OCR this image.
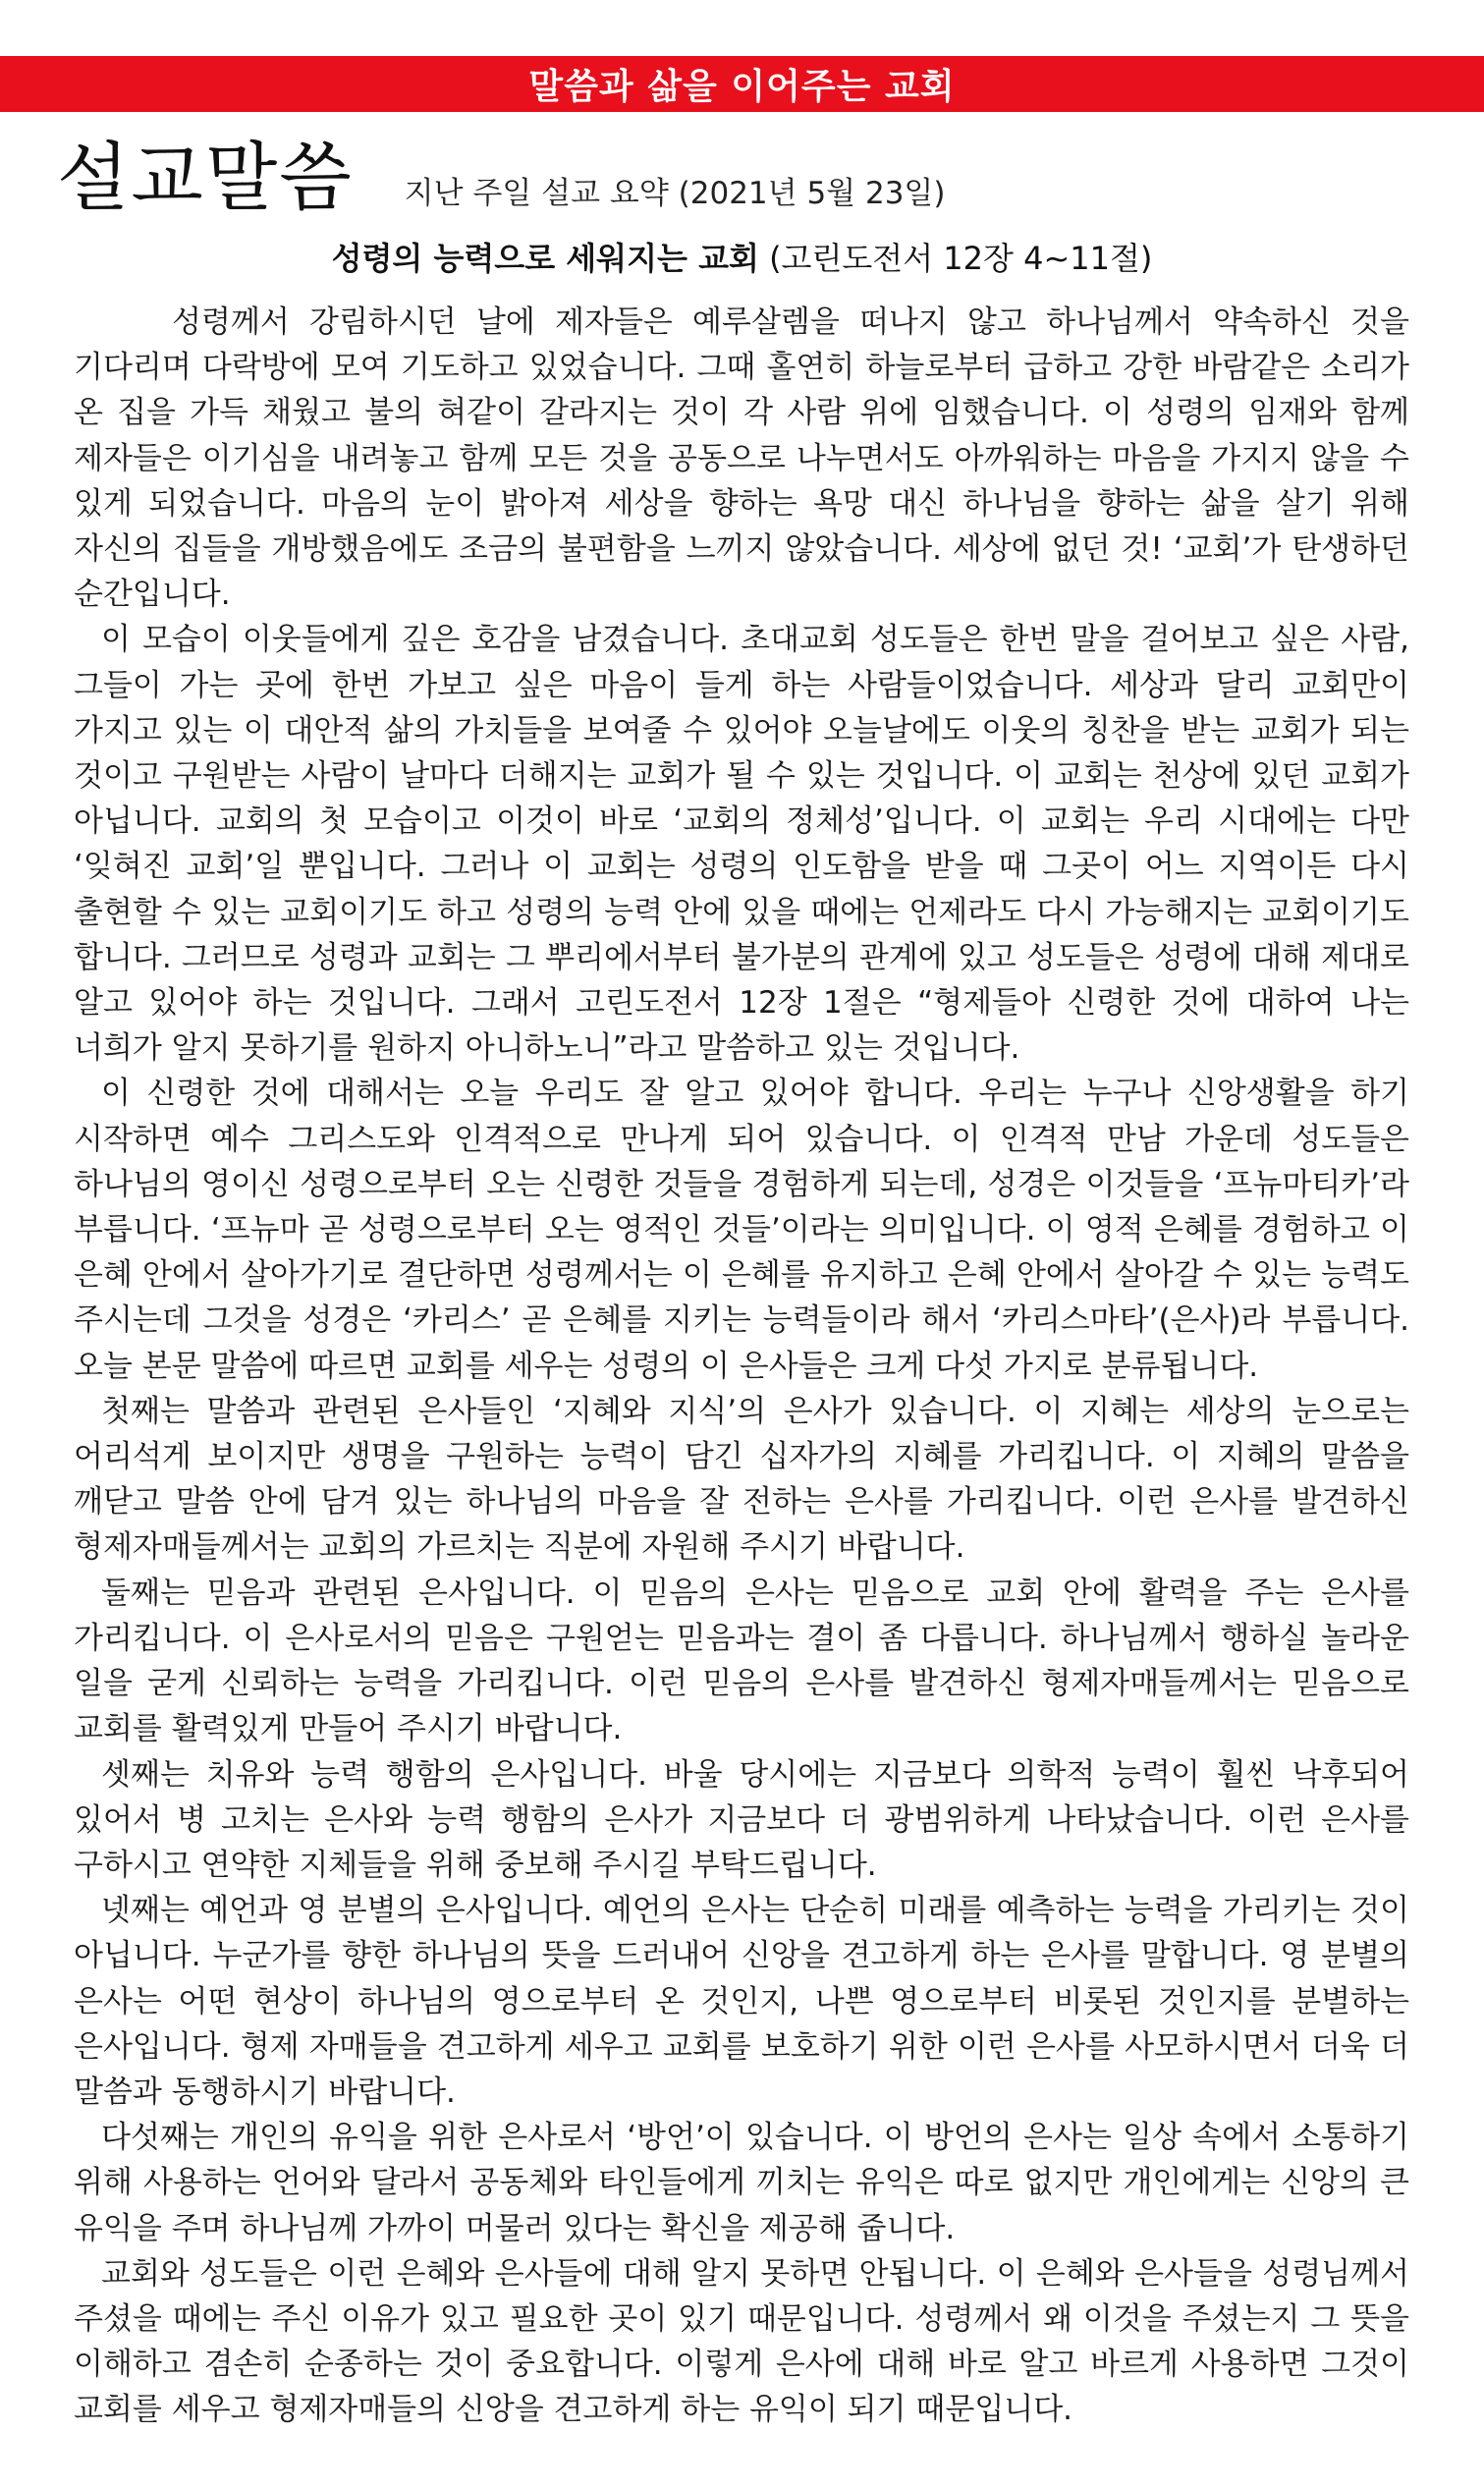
말씀과 삶을 이어주는 교회
설교말씀 지난 주일 설교 요약 (2021년 5월 23일)
성령의 능력으로 세워지는 교회 (고린도전서 12장 4~11절)

성령께서 강림하시던 날에 제자들은 예루살렘을 떠나지 않고 하나님께서 약속하신 것을 기다리며 다락방에 모여 기도하고 있었습니다. 그때 홀연히 하늘로부터 급하고 강한 바람같은 소리가 온 집을 가득 채웠고 불의 혀같이 갈라지는 것이 각 사람 위에 임했습니다. 이 성령의 임재와 함께 제자들은 이기심을 내려놓고 함께 모든 것을 공동으로 나누면서도 아까워하는 마음을 가지지 않을 수 있게 되었습니다. 마음의 눈이 밝아져 세상을 향하는 욕망 대신 하나님을 향하는 삶을 살기 위해 자신의 집들을 개방했음에도 조금의 불편함을 느끼지 않았습니다. 세상에 없던 것! ‘교회’가 탄생하던 순간입니다.

이 모습이 이웃들에게 깊은 호감을 남겼습니다. 초대교회 성도들은 한번 말을 걸어보고 싶은 사람, 그들이 가는 곳에 한번 가보고 싶은 마음이 들게 하는 사람들이었습니다. 세상과 달리 교회만이 가지고 있는 이 대안적 삶의 가치들을 보여줄 수 있어야 오늘날에도 이웃의 칭찬을 받는 교회가 되는 것이고 구원받는 사람이 날마다 더해지는 교회가 될 수 있는 것입니다. 이 교회는 천상에 있던 교회가 아닙니다. 교회의 첫 모습이고 이것이 바로 ‘교회의 정체성’입니다. 이 교회는 우리 시대에는 다만 ‘잊혀진 교회’일 뿐입니다. 그러나 이 교회는 성령의 인도함을 받을 때 그곳이 어느 지역이든 다시 출현할 수 있는 교회이기도 하고 성령의 능력 안에 있을 때에는 언제라도 다시 가능해지는 교회이기도 합니다. 그러므로 성령과 교회는 그 뿌리에서부터 불가분의 관계에 있고 성도들은 성령에 대해 제대로 알고 있어야 하는 것입니다. 그래서 고린도전서 12장 1절은 “형제들아 신령한 것에 대하여 나는 너희가 알지 못하기를 원하지 아니하노니”라고 말씀하고 있는 것입니다.

이 신령한 것에 대해서는 오늘 우리도 잘 알고 있어야 합니다. 우리는 누구나 신앙생활을 하기 시작하면 예수 그리스도와 인격적으로 만나게 되어 있습니다. 이 인격적 만남 가운데 성도들은 하나님의 영이신 성령으로부터 오는 신령한 것들을 경험하게 되는데, 성경은 이것들을 ‘프뉴마티카’라 부릅니다. ‘프뉴마 곧 성령으로부터 오는 영적인 것들’이라는 의미입니다. 이 영적 은혜를 경험하고 이 은혜 안에서 살아가기로 결단하면 성령께서는 이 은혜를 유지하고 은혜 안에서 살아갈 수 있는 능력도 주시는데 그것을 성경은 ‘카리스’ 곧 은혜를 지키는 능력들이라 해서 ‘카리스마타’(은사)라 부릅니다. 오늘 본문 말씀에 따르면 교회를 세우는 성령의 이 은사들은 크게 다섯 가지로 분류됩니다.

첫째는 말씀과 관련된 은사들인 ‘지혜와 지식’의 은사가 있습니다. 이 지혜는 세상의 눈으로는 어리석게 보이지만 생명을 구원하는 능력이 담긴 십자가의 지혜를 가리킵니다. 이 지혜의 말씀을 깨닫고 말씀 안에 담겨 있는 하나님의 마음을 잘 전하는 은사를 가리킵니다. 이런 은사를 발견하신 형제자매들께서는 교회의 가르치는 직분에 자원해 주시기 바랍니다.

둘째는 믿음과 관련된 은사입니다. 이 믿음의 은사는 믿음으로 교회 안에 활력을 주는 은사를 가리킵니다. 이 은사로서의 믿음은 구원얻는 믿음과는 결이 좀 다릅니다. 하나님께서 행하실 놀라운 일을 굳게 신뢰하는 능력을 가리킵니다. 이런 믿음의 은사를 발견하신 형제자매들께서는 믿음으로 교회를 활력있게 만들어 주시기 바랍니다.

셋째는 치유와 능력 행함의 은사입니다. 바울 당시에는 지금보다 의학적 능력이 훨씬 낙후되어 있어서 병 고치는 은사와 능력 행함의 은사가 지금보다 더 광범위하게 나타났습니다. 이런 은사를 구하시고 연약한 지체들을 위해 중보해 주시길 부탁드립니다.

넷째는 예언과 영 분별의 은사입니다. 예언의 은사는 단순히 미래를 예측하는 능력을 가리키는 것이 아닙니다. 누군가를 향한 하나님의 뜻을 드러내어 신앙을 견고하게 하는 은사를 말합니다. 영 분별의 은사는 어떤 현상이 하나님의 영으로부터 온 것인지, 나쁜 영으로부터 비롯된 것인지를 분별하는 은사입니다. 형제 자매들을 견고하게 세우고 교회를 보호하기 위한 이런 은사를 사모하시면서 더욱 더 말씀과 동행하시기 바랍니다.

다섯째는 개인의 유익을 위한 은사로서 ‘방언’이 있습니다. 이 방언의 은사는 일상 속에서 소통하기 위해 사용하는 언어와 달라서 공동체와 타인들에게 끼치는 유익은 따로 없지만 개인에게는 신앙의 큰 유익을 주며 하나님께 가까이 머물러 있다는 확신을 제공해 줍니다.

교회와 성도들은 이런 은혜와 은사들에 대해 알지 못하면 안됩니다. 이 은혜와 은사들을 성령님께서 주셨을 때에는 주신 이유가 있고 필요한 곳이 있기 때문입니다. 성령께서 왜 이것을 주셨는지 그 뜻을 이해하고 겸손히 순종하는 것이 중요합니다. 이렇게 은사에 대해 바로 알고 바르게 사용하면 그것이 교회를 세우고 형제자매들의 신앙을 견고하게 하는 유익이 되기 때문입니다.
